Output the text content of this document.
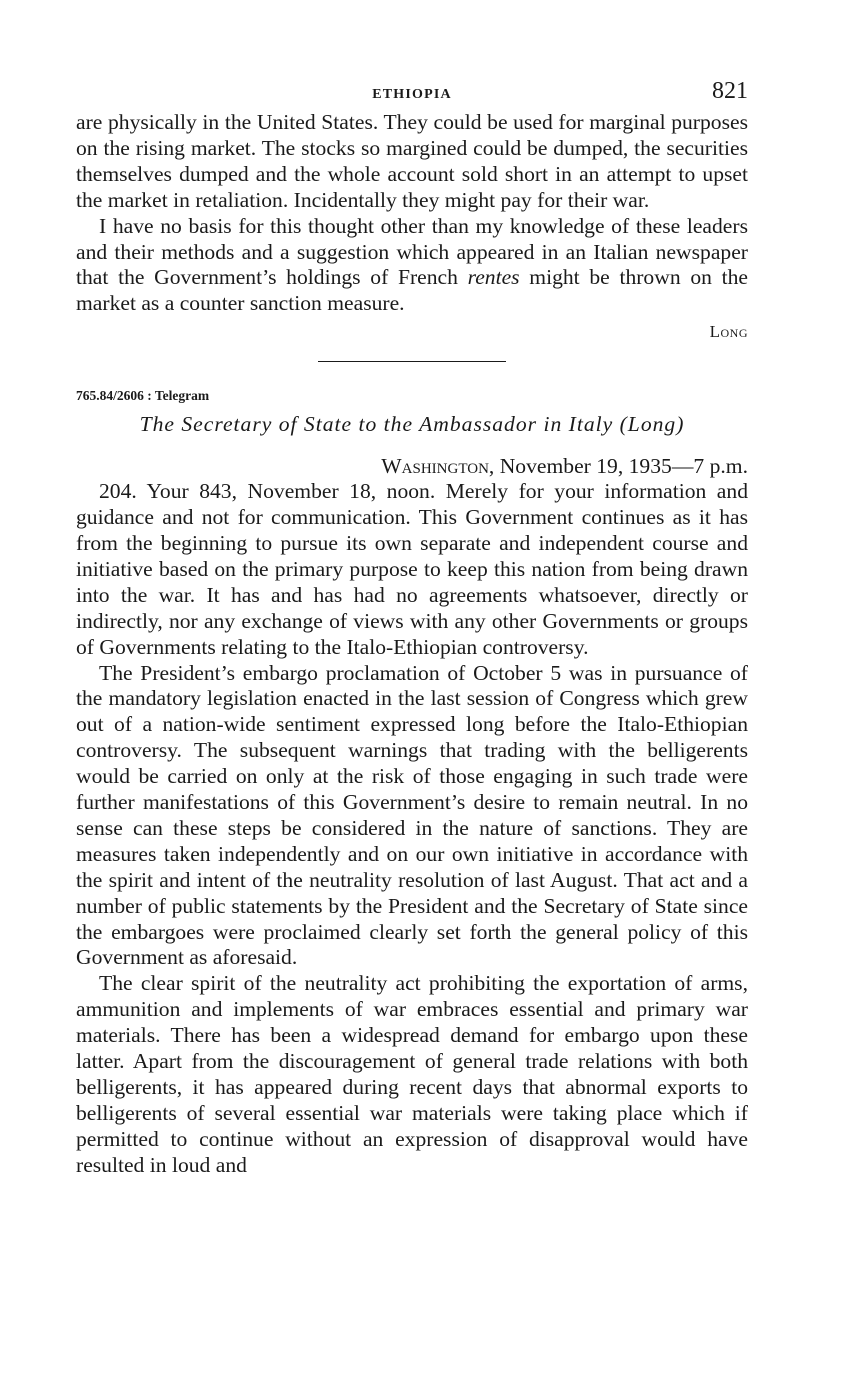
ETHIOPIA	821

are physically in the United States. They could be used for marginal purposes on the rising market. The stocks so margined could be dumped, the securities themselves dumped and the whole account sold short in an attempt to upset the market in retaliation. Incidentally they might pay for their war.

I have no basis for this thought other than my knowledge of these leaders and their methods and a suggestion which appeared in an Italian newspaper that the Government’s holdings of French rentes might be thrown on the market as a counter sanction measure.

Long
765.84/2606 : Telegram
The Secretary of State to the Ambassador in Italy (Long)
Washington, November 19, 1935—7 p.m.

204. Your 843, November 18, noon. Merely for your information and guidance and not for communication. This Government continues as it has from the beginning to pursue its own separate and independent course and initiative based on the primary purpose to keep this nation from being drawn into the war. It has and has had no agreements whatsoever, directly or indirectly, nor any exchange of views with any other Governments or groups of Governments relating to the Italo-Ethiopian controversy.

The President’s embargo proclamation of October 5 was in pursuance of the mandatory legislation enacted in the last session of Congress which grew out of a nation-wide sentiment expressed long before the Italo-Ethiopian controversy. The subsequent warnings that trading with the belligerents would be carried on only at the risk of those engaging in such trade were further manifestations of this Government’s desire to remain neutral. In no sense can these steps be considered in the nature of sanctions. They are measures taken independently and on our own initiative in accordance with the spirit and intent of the neutrality resolution of last August. That act and a number of public statements by the President and the Secretary of State since the embargoes were proclaimed clearly set forth the general policy of this Government as aforesaid.

The clear spirit of the neutrality act prohibiting the exportation of arms, ammunition and implements of war embraces essential and primary war materials. There has been a widespread demand for embargo upon these latter. Apart from the discouragement of general trade relations with both belligerents, it has appeared during recent days that abnormal exports to belligerents of several essential war materials were taking place which if permitted to continue without an expression of disapproval would have resulted in loud and
